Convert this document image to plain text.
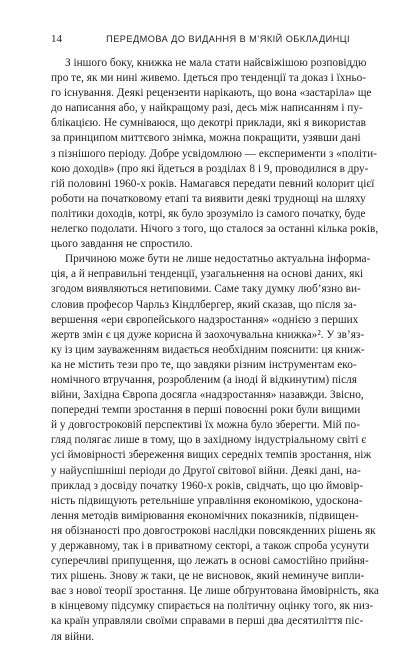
14	ПЕРЕДМОВА ДО ВИДАННЯ В М’ЯКІЙ ОБКЛАДИНЦІ

З іншого боку, книжка не мала стати найсвіжішою розповіддю
про те, як ми нині живемо. Ідеться про тенденції та доказ і їхньо-
го існування. Деякі рецензенти нарікають, що вона «застаріла» ще
до написання або, у найкращому разі, десь між написанням і пу-
блікацією. Не сумніваюся, що декотрі приклади, які я використав
за принципом миттєвого знімка, можна покращити, узявши дані
з пізнішого періоду. Добре усвідомлюю — експерименти з «політи-
кою доходів» (про які йдеться в розділах 8 і 9, проводилися в дру-
гій половині 1960-х років. Намагався передати певний колорит цієї
роботи на початковому етапі та виявити деякі труднощі на шляху
політики доходів, котрі, як було зрозуміло із самого початку, буде
нелегко подолати. Нічого з того, що сталося за останні кілька років,
цього завдання не спростило.

Причиною може бути не лише недостатньо актуальна інформа-
ція, а й неправильні тенденції, узагальнення на основі даних, які
згодом виявляються нетиповими. Саме таку думку люб’язно ви-
словив професор Чарльз Кіндлбергер, який сказав, що після за-
вершення «ери європейського надзростання» «однією з перших
жертв змін є ця дуже корисна й заохочувальна книжка»². У зв’яз-
ку із цим зауваженням видається необхідним пояснити: ця книж-
ка не містить тези про те, що завдяки різним інструментам еко-
номічного втручання, розробленим (а іноді й відкинутим) після
війни, Західна Європа досягла «надзростання» назавжди. Звісно,
попередні темпи зростання в перші повоєнні роки були вищими
й у довгостроковій перспективі їх можна було зберегти. Мій по-
гляд полягає лише в тому, що в західному індустріальному світі є
усі ймовірності збереження вищих середніх темпів зростання, ніж
у найуспішніші періоди до Другої світової війни. Деякі дані, на-
приклад з досвіду початку 1960-х років, свідчать, що цю ймовір-
ність підвищують ретельніше управління економікою, удоскона-
лення методів вимірювання економічних показників, підвищен-
ня обізнаності про довгострокові наслідки повсякденних рішень як
у державному, так і в приватному секторі, а також спроба усунути
суперечливі припущення, що лежать в основі самостійно прийня-
тих рішень. Знову ж таки, це не висновок, який неминуче випли-
ває з нової теорії зростання. Це лише обґрунтована ймовірність, яка
в кінцевому підсумку спирається на політичну оцінку того, як низ-
ка країн управляли своїми справами в перші два десятиліття піс-
ля війни.
